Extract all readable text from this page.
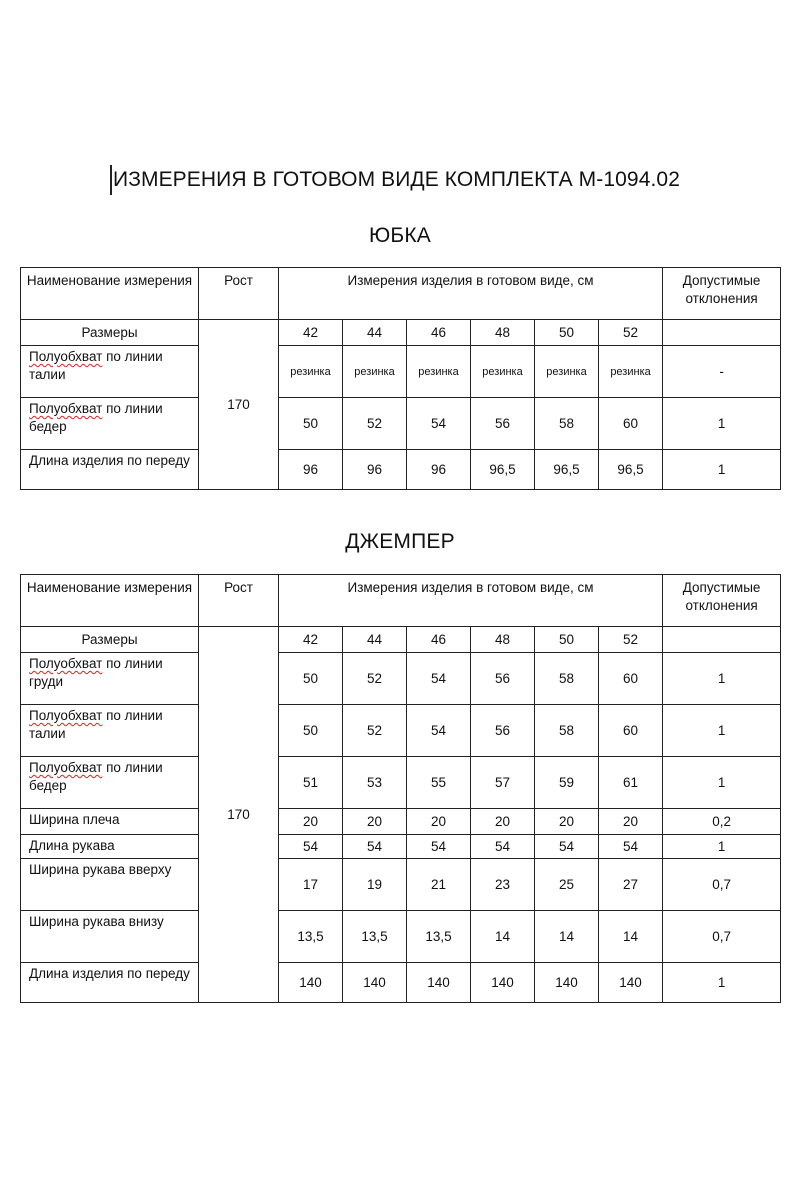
ИЗМЕРЕНИЯ В ГОТОВОМ ВИДЕ КОМПЛЕКТА М-1094.02
ЮБКА
Наименование измерения	Рост	Измерения изделия в готовом виде, см						Допустимые отклонения
Размеры	170	42	44	46	48	50	52	
Полуобхват по линии талии		резинка	резинка	резинка	резинка	резинка	резинка	-
Полуобхват по линии бедер		50	52	54	56	58	60	1
Длина изделия по переду		96	96	96	96,5	96,5	96,5	1
ДЖЕМПЕР
Наименование измерения	Рост	Измерения изделия в готовом виде, см						Допустимые отклонения
Размеры	170	42	44	46	48	50	52	
Полуобхват по линии груди		50	52	54	56	58	60	1
Полуобхват по линии талии		50	52	54	56	58	60	1
Полуобхват по линии бедер		51	53	55	57	59	61	1
Ширина плеча		20	20	20	20	20	20	0,2
Длина рукава		54	54	54	54	54	54	1
Ширина рукава вверху		17	19	21	23	25	27	0,7
Ширина рукава внизу		13,5	13,5	13,5	14	14	14	0,7
Длина изделия по переду		140	140	140	140	140	140	1
